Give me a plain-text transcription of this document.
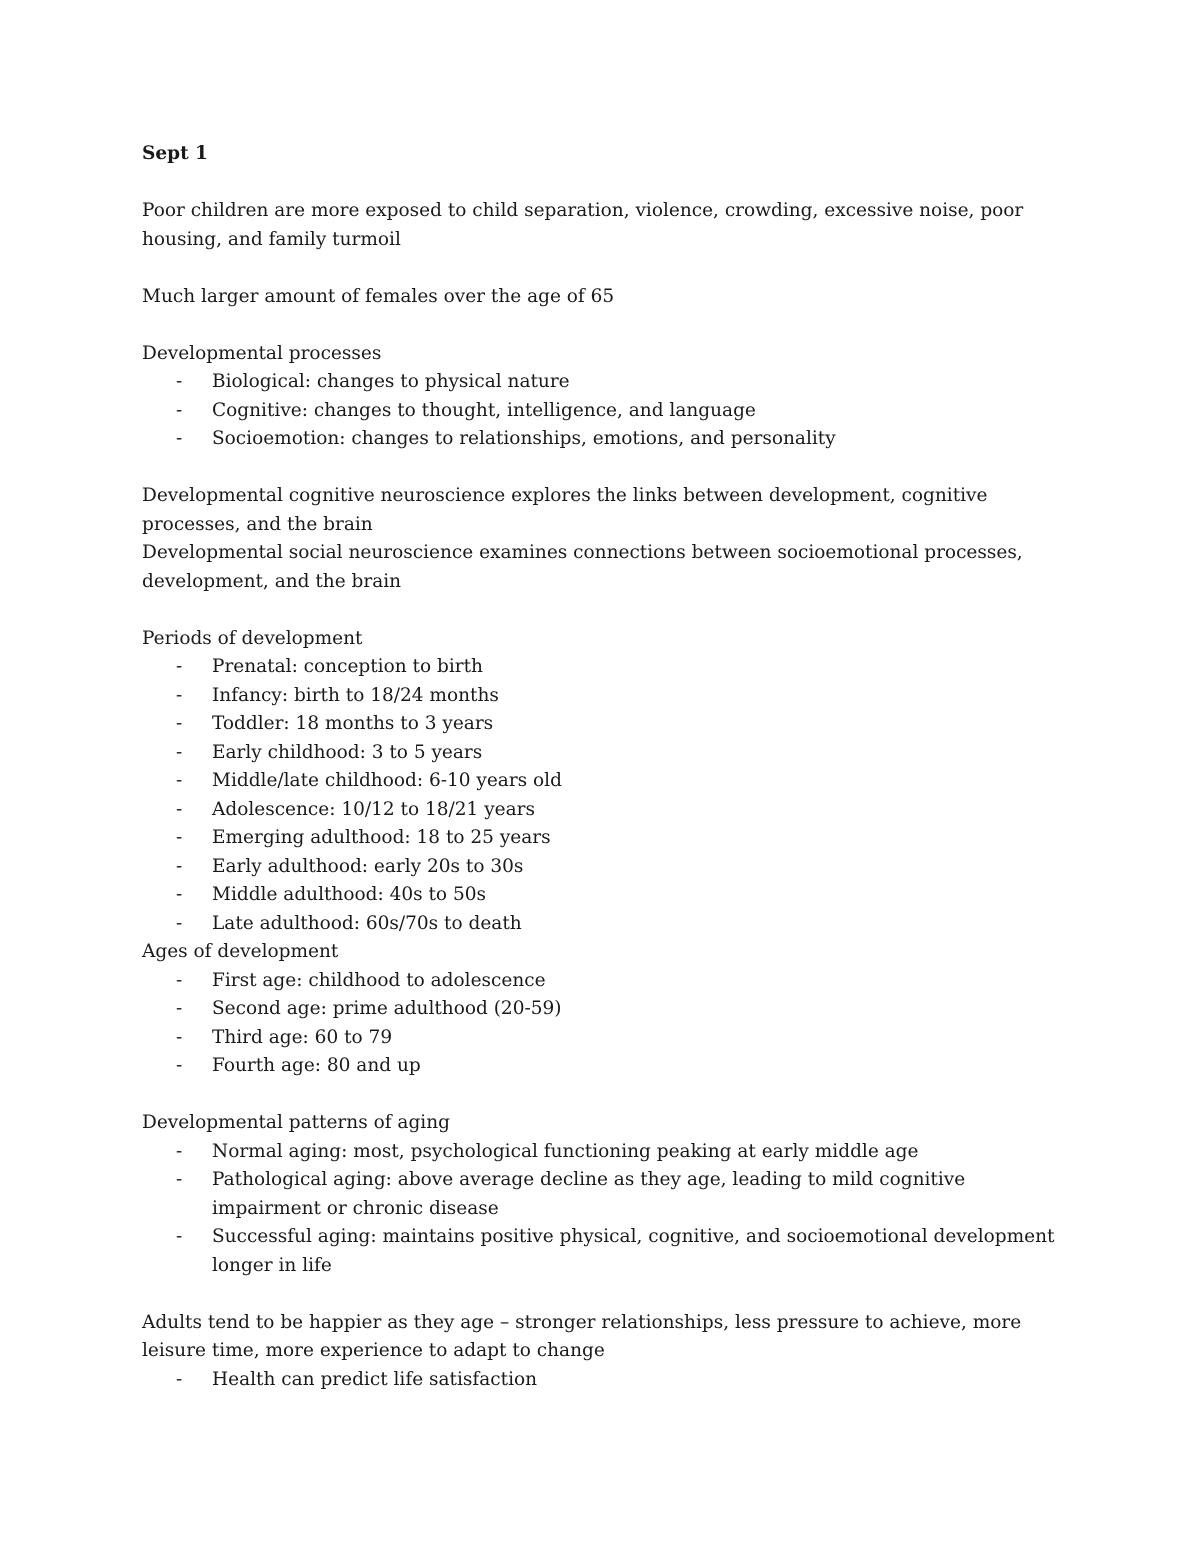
Sept 1

Poor children are more exposed to child separation, violence, crowding, excessive noise, poor housing, and family turmoil

Much larger amount of females over the age of 65

Developmental processes

- Biological: changes to physical nature
- Cognitive: changes to thought, intelligence, and language
- Socioemotion: changes to relationships, emotions, and personality

Developmental cognitive neuroscience explores the links between development, cognitive processes, and the brain

Developmental social neuroscience examines connections between socioemotional processes, development, and the brain

Periods of development

- Prenatal: conception to birth
- Infancy: birth to 18/24 months
- Toddler: 18 months to 3 years
- Early childhood: 3 to 5 years
- Middle/late childhood: 6-10 years old
- Adolescence: 10/12 to 18/21 years
- Emerging adulthood: 18 to 25 years
- Early adulthood: early 20s to 30s
- Middle adulthood: 40s to 50s
- Late adulthood: 60s/70s to death

Ages of development

- First age: childhood to adolescence
- Second age: prime adulthood (20-59)
- Third age: 60 to 79
- Fourth age: 80 and up

Developmental patterns of aging

- Normal aging: most, psychological functioning peaking at early middle age
- Pathological aging: above average decline as they age, leading to mild cognitive impairment or chronic disease
- Successful aging: maintains positive physical, cognitive, and socioemotional development longer in life

Adults tend to be happier as they age – stronger relationships, less pressure to achieve, more leisure time, more experience to adapt to change

- Health can predict life satisfaction
